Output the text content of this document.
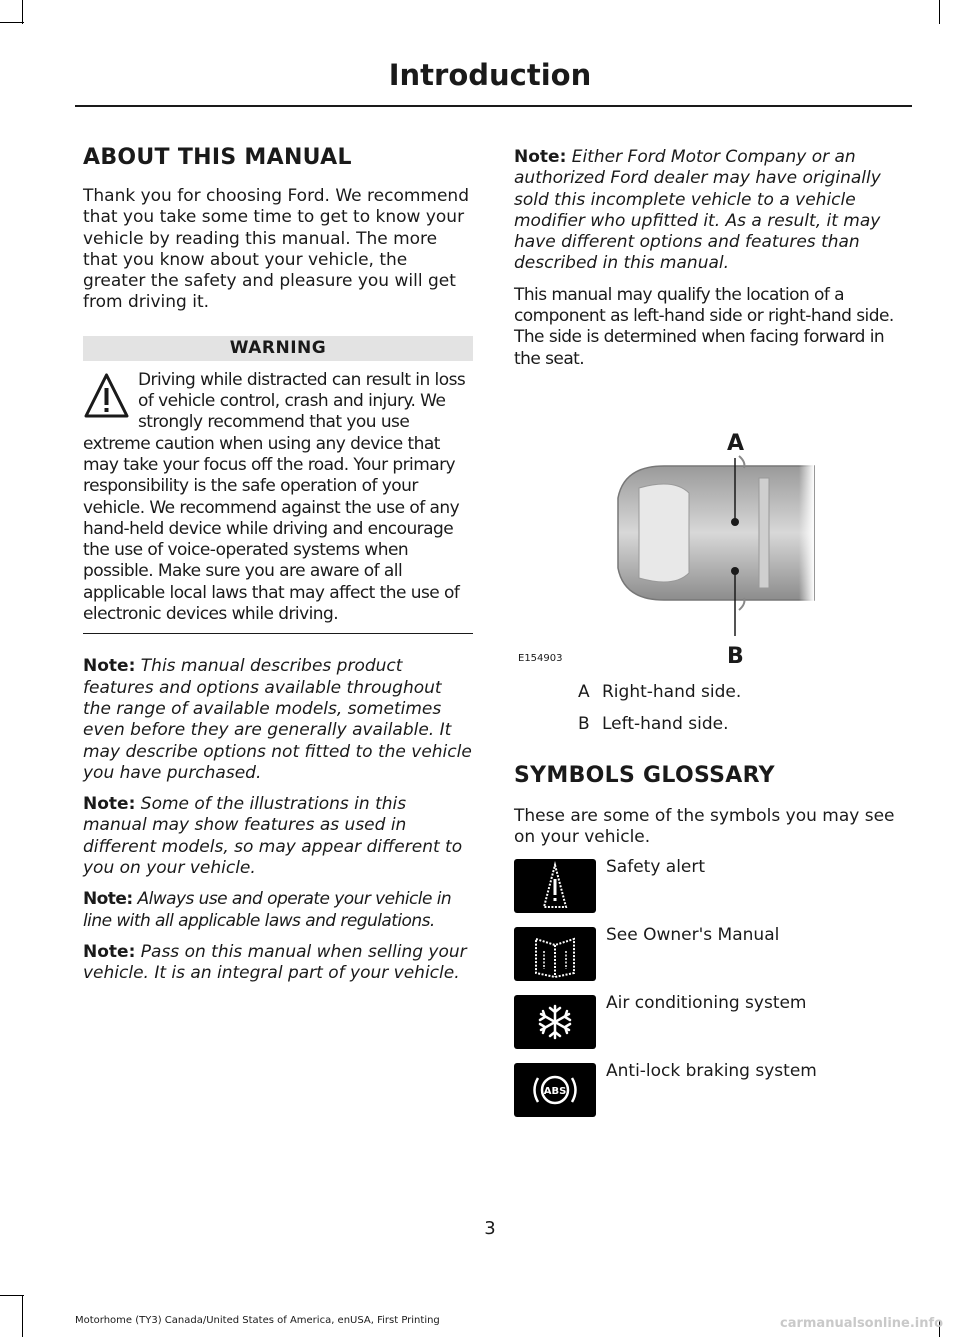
Introduction
ABOUT THIS MANUAL

Thank you for choosing Ford. We recommend that you take some time to get to know your vehicle by reading this manual. The more that you know about your vehicle, the greater the safety and pleasure you will get from driving it.

WARNING

Driving while distracted can result in loss of vehicle control, crash and injury. We strongly recommend that you use extreme caution when using any device that may take your focus off the road. Your primary responsibility is the safe operation of your vehicle. We recommend against the use of any hand-held device while driving and encourage the use of voice-operated systems when possible. Make sure you are aware of all applicable local laws that may affect the use of electronic devices while driving.

Note: This manual describes product features and options available throughout the range of available models, sometimes even before they are generally available. It may describe options not fitted to the vehicle you have purchased.

Note: Some of the illustrations in this manual may show features as used in different models, so may appear different to you on your vehicle.

Note: Always use and operate your vehicle in line with all applicable laws and regulations.

Note: Pass on this manual when selling your vehicle. It is an integral part of your vehicle.

Note: Either Ford Motor Company or an authorized Ford dealer may have originally sold this incomplete vehicle to a vehicle modifier who upfitted it. As a result, it may have different options and features than described in this manual.

This manual may qualify the location of a component as left-hand side or right-hand side. The side is determined when facing forward in the seat.

A
B
E154903
A Right-hand side.
B Left-hand side.
SYMBOLS GLOSSARY

These are some of the symbols you may see on your vehicle.

Safety alert
See Owner's Manual
Air conditioning system
ABS
Anti-lock braking system
3
Motorhome (TY3) Canada/United States of America, enUSA, First Printing	carmanualsonline.info
